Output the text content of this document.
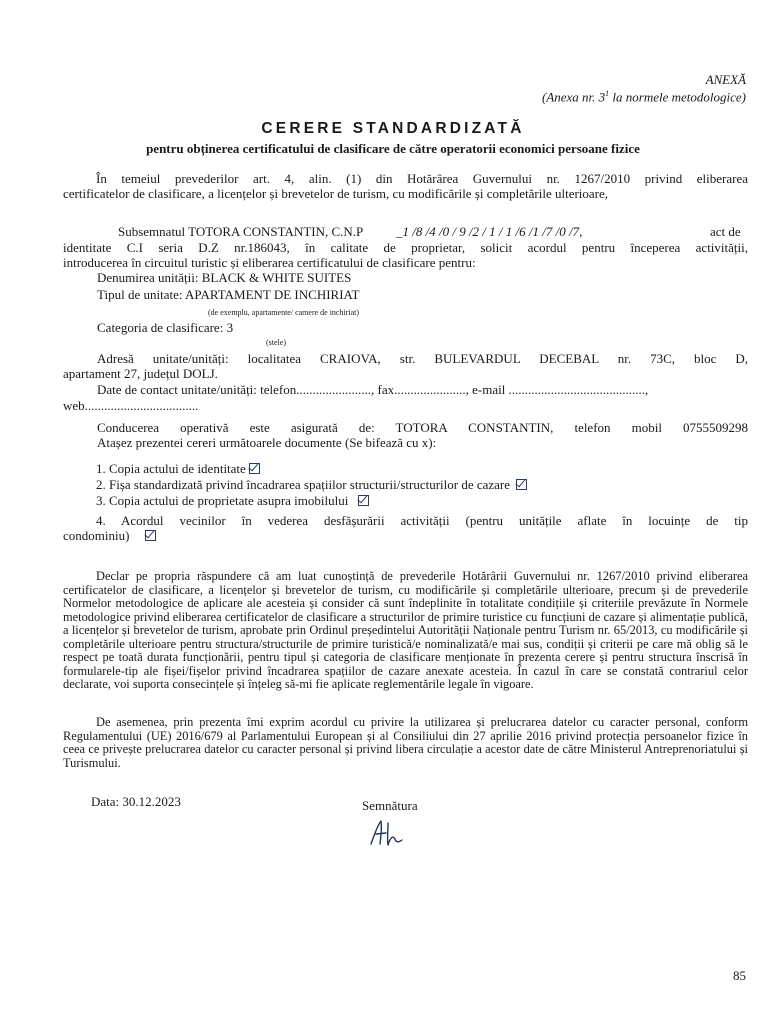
ANEXĂ
(Anexa nr. $3^1$ la normele metodologice)
CERERE STANDARDIZATĂ
pentru obținerea certificatului de clasificare de către operatorii economici persoane fizice
În temeiul prevederilor art. 4, alin. (1) din Hotărârea Guvernului nr. 1267/2010 privind eliberarea
certificatelor de clasificare, a licențelor și brevetelor de turism, cu modificările și completările ulterioare,
Subsemnatul TOTORA CONSTANTIN, C.N.P	_1 /8 /4 /0 / 9 /2 / 1 / 1 /6 /1 /7 /0 /7,	act de
identitate C.I seria D.Z nr.186043, în calitate de proprietar, solicit acordul pentru începerea activității,
introducerea în circuitul turistic și eliberarea certificatului de clasificare pentru:
Denumirea unității: BLACK & WHITE SUITES
Tipul de unitate: APARTAMENT DE INCHIRIAT
(de exemplu, apartamente/ camere de inchiriat)
Categoria de clasificare: 3
(stele)
Adresă unitate/unități: localitatea CRAIOVA, str. BULEVARDUL DECEBAL nr. 73C, bloc D,
apartament 27, județul DOLJ.
Date de contact unitate/unități: telefon......................., fax......................, e-mail ..........................................,
web...................................
Conducerea operativă este asigurată de: TOTORA CONSTANTIN, telefon mobil 0755509298
Atașez prezentei cereri următoarele documente (Se bifează cu x):
1. Copia actului de identitate
2. Fișa standardizată privind încadrarea spațiilor structurii/structurilor de cazare
3. Copia actului de proprietate asupra imobilului
4. Acordul vecinilor în vederea desfășurării activității (pentru unitățile aflate în locuințe de tip
condominiu)
Declar pe propria răspundere că am luat cunoștință de prevederile Hotărârii Guvernului nr. 1267/2010 privind eliberarea certificatelor de clasificare, a licențelor și brevetelor de turism, cu modificările și completările ulterioare, precum și de prevederile Normelor metodologice de aplicare ale acesteia și consider că sunt îndeplinite în totalitate condițiile și criteriile prevăzute în Normele metodologice privind eliberarea certificatelor de clasificare a structurilor de primire turistice cu funcțiuni de cazare și alimentație publică, a licențelor și brevetelor de turism, aprobate prin Ordinul președintelui Autorității Naționale pentru Turism nr. 65/2013, cu modificările și completările ulterioare pentru structura/structurile de primire turistică/e nominalizată/e mai sus, condiții și criterii pe care mă oblig să le respect pe toată durata funcționării, pentru tipul și categoria de clasificare menționate în prezenta cerere și pentru structura înscrisă în formularele-tip ale fișei/fișelor privind încadrarea spațiilor de cazare anexate acesteia. În cazul în care se constată contrariul celor declarate, voi suporta consecințele și înțeleg să-mi fie aplicate reglementările legale în vigoare.
De asemenea, prin prezenta îmi exprim acordul cu privire la utilizarea și prelucrarea datelor cu caracter personal, conform Regulamentului (UE) 2016/679 al Parlamentului European și al Consiliului din 27 aprilie 2016 privind protecția persoanelor fizice în ceea ce privește prelucrarea datelor cu caracter personal și privind libera circulație a acestor date de către Ministerul Antreprenoriatului și Turismului.
Data: 30.12.2023	Semnătura
85
